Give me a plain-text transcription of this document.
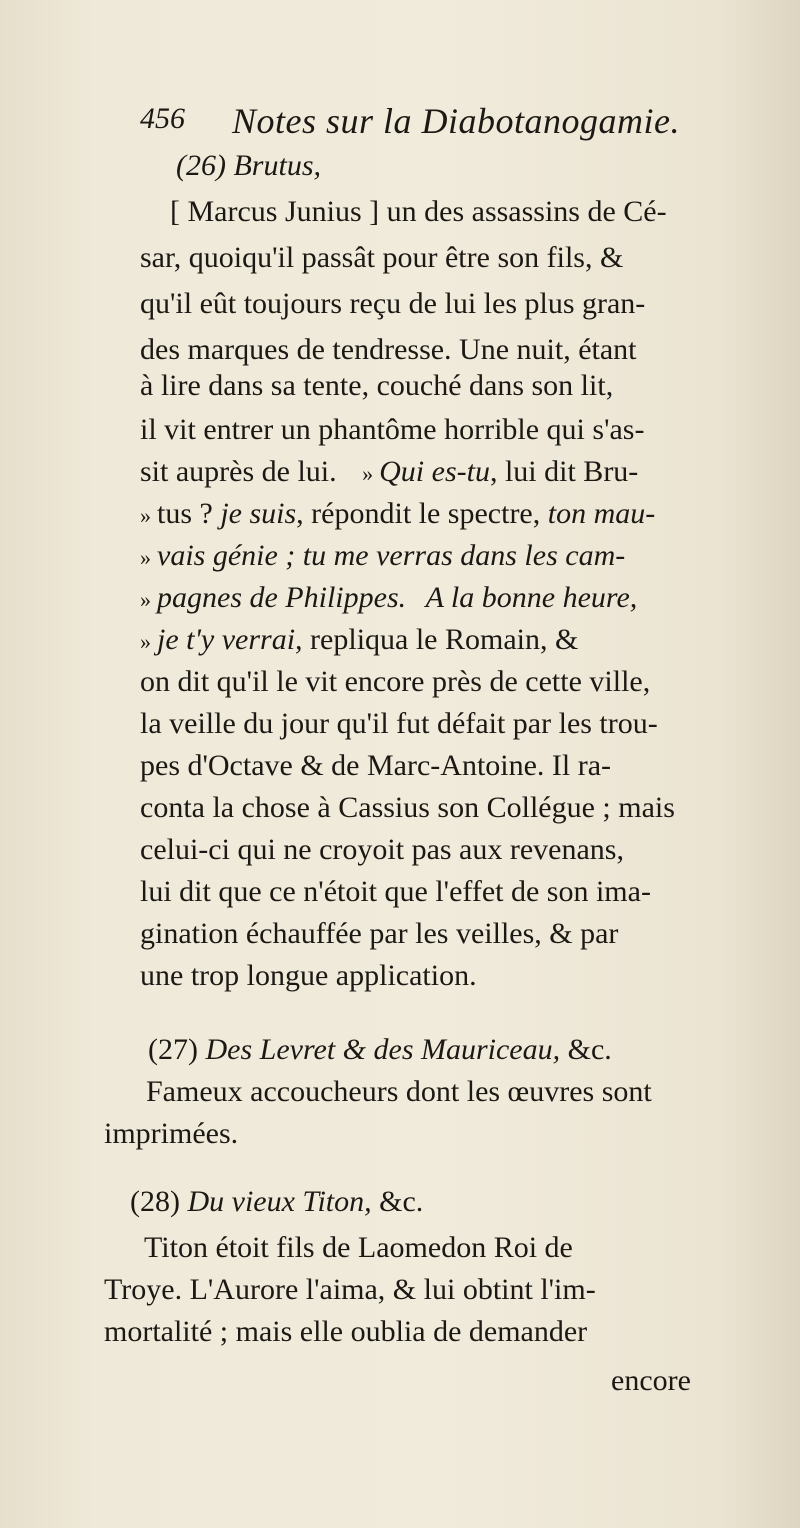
456 Notes sur la Diabotanogamie.
(26) Brutus,
[ Marcus Junius ] un des assassins de Cé-
sar, quoiqu'il passât pour être son fils, &
qu'il eût toujours reçu de lui les plus gran-
des marques de tendresse. Une nuit, étant
à lire dans sa tente, couché dans son lit,
il vit entrer un phantôme horrible qui s'as-
sit auprès de lui. » Qui es-tu, lui dit Bru-
» tus ? je suis, répondit le spectre, ton mau-
» vais génie ; tu me verras dans les cam-
» pagnes de Philippes. A la bonne heure,
» je t'y verrai, repliqua le Romain, &
on dit qu'il le vit encore près de cette ville,
la veille du jour qu'il fut défait par les trou-
pes d'Octave & de Marc-Antoine. Il ra-
conta la chose à Cassius son Collégue ; mais
celui-ci qui ne croyoit pas aux revenans,
lui dit que ce n'étoit que l'effet de son ima-
gination échauffée par les veilles, & par
une trop longue application.
(27) Des Levret & des Mauriceau, &c.
Fameux accoucheurs dont les œuvres sont
imprimées.
(28) Du vieux Titon, &c.
Titon étoit fils de Laomedon Roi de
Troye. L'Aurore l'aima, & lui obtint l'im-
mortalité ; mais elle oublia de demander
encore
